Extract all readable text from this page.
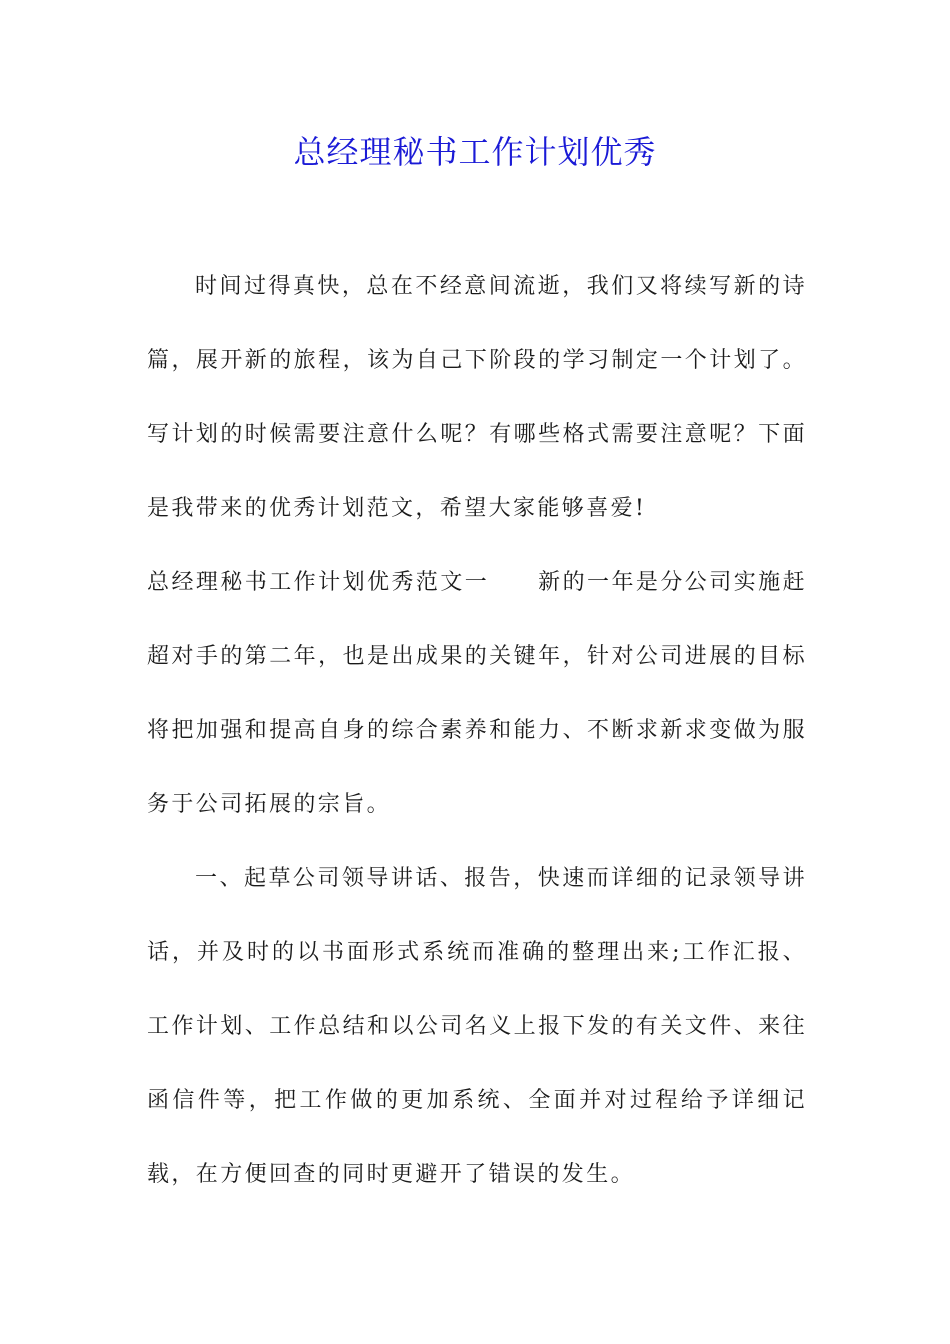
总经理秘书工作计划优秀

时间过得真快，总在不经意间流逝，我们又将续写新的诗篇，展开新的旅程，该为自己下阶段的学习制定一个计划了。写计划的时候需要注意什么呢？有哪些格式需要注意呢？下面是我带来的优秀计划范文，希望大家能够喜爱!

总经理秘书工作计划优秀范文一　　新的一年是分公司实施赶超对手的第二年，也是出成果的关键年，针对公司进展的目标将把加强和提高自身的综合素养和能力、不断求新求变做为服务于公司拓展的宗旨。

一、起草公司领导讲话、报告，快速而详细的记录领导讲话，并及时的以书面形式系统而准确的整理出来;工作汇报、工作计划、工作总结和以公司名义上报下发的有关文件、来往函信件等，把工作做的更加系统、全面并对过程给予详细记载，在方便回查的同时更避开了错误的发生。
